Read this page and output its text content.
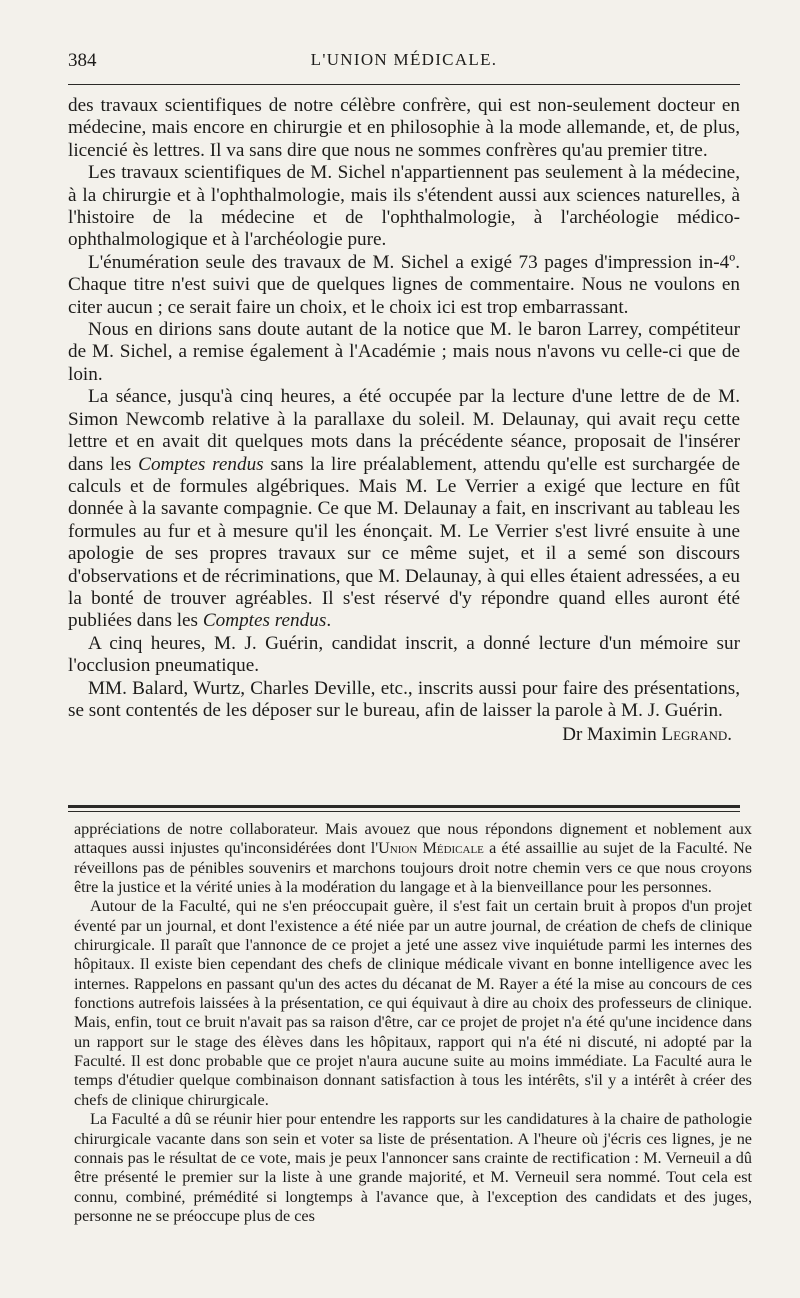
384	L'UNION MÉDICALE.

des travaux scientifiques de notre célèbre confrère, qui est non-seulement docteur en médecine, mais encore en chirurgie et en philosophie à la mode allemande, et, de plus, licencié ès lettres. Il va sans dire que nous ne sommes confrères qu'au premier titre.

Les travaux scientifiques de M. Sichel n'appartiennent pas seulement à la médecine, à la chirurgie et à l'ophthalmologie, mais ils s'étendent aussi aux sciences naturelles, à l'histoire de la médecine et de l'ophthalmologie, à l'archéologie médico-ophthalmologique et à l'archéologie pure.

L'énumération seule des travaux de M. Sichel a exigé 73 pages d'impression in-4º. Chaque titre n'est suivi que de quelques lignes de commentaire. Nous ne voulons en citer aucun ; ce serait faire un choix, et le choix ici est trop embarrassant.

Nous en dirions sans doute autant de la notice que M. le baron Larrey, compétiteur de M. Sichel, a remise également à l'Académie ; mais nous n'avons vu celle-ci que de loin.

La séance, jusqu'à cinq heures, a été occupée par la lecture d'une lettre de de M. Simon Newcomb relative à la parallaxe du soleil. M. Delaunay, qui avait reçu cette lettre et en avait dit quelques mots dans la précédente séance, proposait de l'insérer dans les Comptes rendus sans la lire préalablement, attendu qu'elle est surchargée de calculs et de formules algébriques. Mais M. Le Verrier a exigé que lecture en fût donnée à la savante compagnie. Ce que M. Delaunay a fait, en inscrivant au tableau les formules au fur et à mesure qu'il les énonçait. M. Le Verrier s'est livré ensuite à une apologie de ses propres travaux sur ce même sujet, et il a semé son discours d'observations et de récriminations, que M. Delaunay, à qui elles étaient adressées, a eu la bonté de trouver agréables. Il s'est réservé d'y répondre quand elles auront été publiées dans les Comptes rendus.

A cinq heures, M. J. Guérin, candidat inscrit, a donné lecture d'un mémoire sur l'occlusion pneumatique.

MM. Balard, Wurtz, Charles Deville, etc., inscrits aussi pour faire des présentations, se sont contentés de les déposer sur le bureau, afin de laisser la parole à M. J. Guérin.

Dr Maximin Legrand.

appréciations de notre collaborateur. Mais avouez que nous répondons dignement et noblement aux attaques aussi injustes qu'inconsidérées dont l'Union Médicale a été assaillie au sujet de la Faculté. Ne réveillons pas de pénibles souvenirs et marchons toujours droit notre chemin vers ce que nous croyons être la justice et la vérité unies à la modération du langage et à la bienveillance pour les personnes.

Autour de la Faculté, qui ne s'en préoccupait guère, il s'est fait un certain bruit à propos d'un projet éventé par un journal, et dont l'existence a été niée par un autre journal, de création de chefs de clinique chirurgicale. Il paraît que l'annonce de ce projet a jeté une assez vive inquiétude parmi les internes des hôpitaux. Il existe bien cependant des chefs de clinique médicale vivant en bonne intelligence avec les internes. Rappelons en passant qu'un des actes du décanat de M. Rayer a été la mise au concours de ces fonctions autrefois laissées à la présentation, ce qui équivaut à dire au choix des professeurs de clinique. Mais, enfin, tout ce bruit n'avait pas sa raison d'être, car ce projet de projet n'a été qu'une incidence dans un rapport sur le stage des élèves dans les hôpitaux, rapport qui n'a été ni discuté, ni adopté par la Faculté. Il est donc probable que ce projet n'aura aucune suite au moins immédiate. La Faculté aura le temps d'étudier quelque combinaison donnant satisfaction à tous les intérêts, s'il y a intérêt à créer des chefs de clinique chirurgicale.

La Faculté a dû se réunir hier pour entendre les rapports sur les candidatures à la chaire de pathologie chirurgicale vacante dans son sein et voter sa liste de présentation. A l'heure où j'écris ces lignes, je ne connais pas le résultat de ce vote, mais je peux l'annoncer sans crainte de rectification : M. Verneuil a dû être présenté le premier sur la liste à une grande majorité, et M. Verneuil sera nommé. Tout cela est connu, combiné, prémédité si longtemps à l'avance que, à l'exception des candidats et des juges, personne ne se préoccupe plus de ces
